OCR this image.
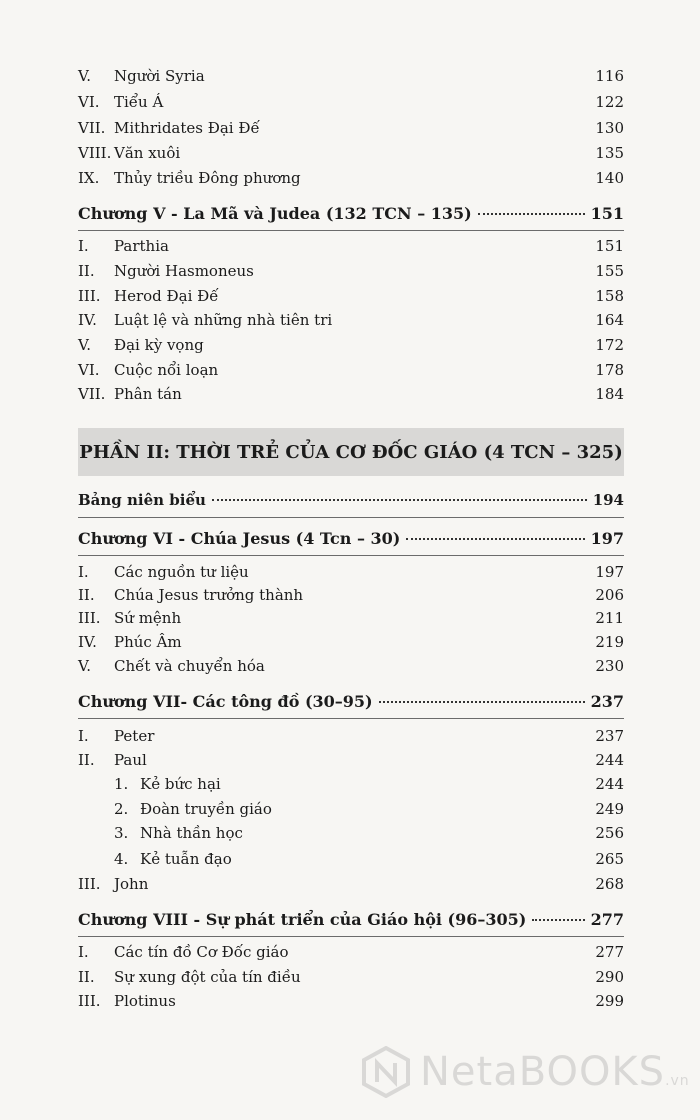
V.	Người Syria	116
VI. Tiểu Á	122
VII. Mithridates Đại Đế	130
VIII. Văn xuôi	135
IX. Thủy triều Đông phương	140
Chương V - La Mã và Judea (132 TCN – 135)	151
I.	Parthia	151
II.	Người Hasmoneus	155
III. Herod Đại Đế	158
IV.	Luật lệ và những nhà tiên tri	164
V.	Đại kỳ vọng	172
VI. Cuộc nổi loạn	178
VII. Phân tán	184
PHẦN II: THỜI TRẺ CỦA CƠ ĐỐC GIÁO (4 TCN – 325)
Bảng niên biểu	194
Chương VI - Chúa Jesus (4 Tcn – 30)	197
I.	Các nguồn tư liệu	197
II.	Chúa Jesus trưởng thành	206
III. Sứ mệnh	211
IV.	Phúc Âm	219
V.	Chết và chuyển hóa	230
Chương VII- Các tông đồ (30–95)	237
I.	Peter	237
II.	Paul	244
1. Kẻ bức hại	244
2. Đoàn truyền giáo	249
3. Nhà thần học	256
4. Kẻ tuẫn đạo	265
III. John	268
Chương VIII - Sự phát triển của Giáo hội (96–305)	277
I.	Các tín đồ Cơ Đốc giáo	277
II.	Sự xung đột của tín điều	290
III. Plotinus	299
NetaBOOKS.vn
